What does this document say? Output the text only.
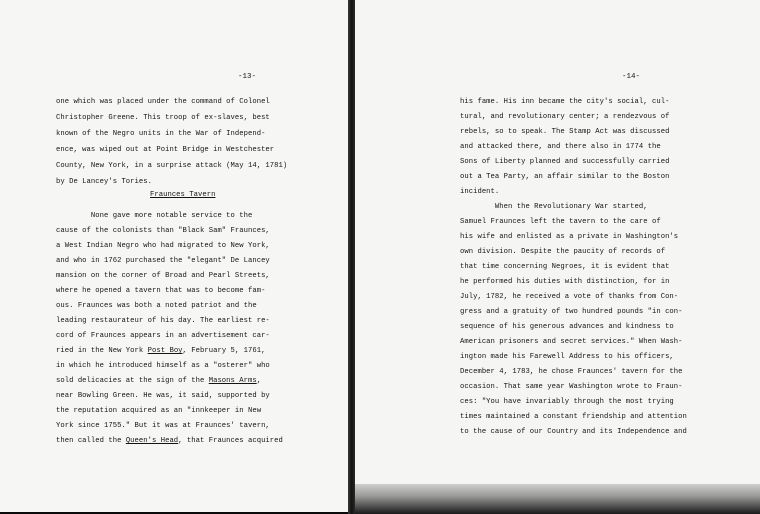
-13-
one which was placed under the command of Colonel
Christopher Greene. This troop of ex-slaves, best
known of the Negro units in the War of Independ-
ence, was wiped out at Point Bridge in Westchester
County, New York, in a surprise attack (May 14, 1781)
by De Lancey's Tories.
Fraunces Tavern
None gave more notable service to the
cause of the colonists than "Black Sam" Fraunces,
a West Indian Negro who had migrated to New York,
and who in 1762 purchased the "elegant" De Lancey
mansion on the corner of Broad and Pearl Streets,
where he opened a tavern that was to become fam-
ous. Fraunces was both a noted patriot and the
leading restaurateur of his day. The earliest re-
cord of Fraunces appears in an advertisement car-
ried in the New York Post Boy, February 5, 1761,
in which he introduced himself as a "osterer" who
sold delicacies at the sign of the Masons Arms,
near Bowling Green. He was, it said, supported by
the reputation acquired as an "innkeeper in New
York since 1755." But it was at Fraunces' tavern,
then called the Queen's Head, that Fraunces acquired
-14-
his fame. His inn became the city's social, cul-
tural, and revolutionary center; a rendezvous of
rebels, so to speak. The Stamp Act was discussed
and attacked there, and there also in 1774 the
Sons of Liberty planned and successfully carried
out a Tea Party, an affair similar to the Boston
incident.
When the Revolutionary War started,
Samuel Fraunces left the tavern to the care of
his wife and enlisted as a private in Washington's
own division. Despite the paucity of records of
that time concerning Negroes, it is evident that
he performed his duties with distinction, for in
July, 1782, he received a vote of thanks from Con-
gress and a gratuity of two hundred pounds "in con-
sequence of his generous advances and kindness to
American prisoners and secret services." When Wash-
ington made his Farewell Address to his officers,
December 4, 1783, he chose Fraunces' tavern for the
occasion. That same year Washington wrote to Fraun-
ces: "You have invariably through the most trying
times maintained a constant friendship and attention
to the cause of our Country and its Independence and
